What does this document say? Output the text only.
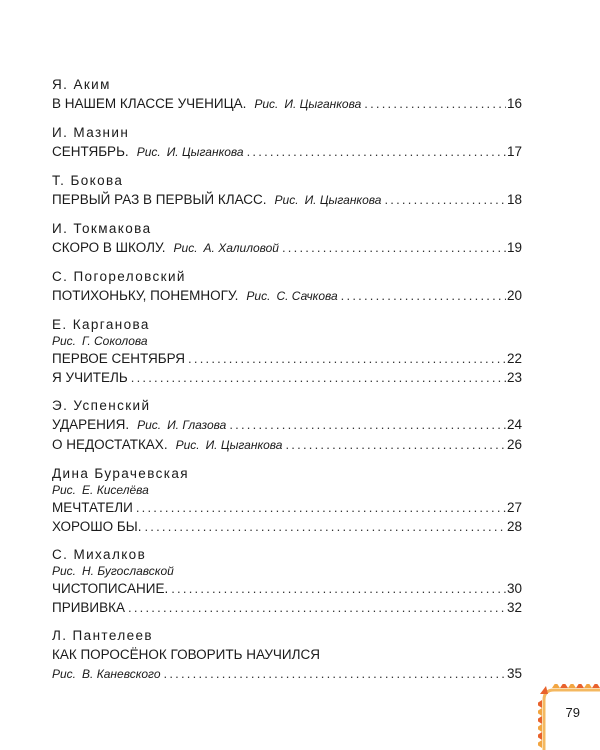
Я. Аким
В НАШЕМ КЛАССЕ УЧЕНИЦА. Рис. И. Цыганкова . . .	16
И. Мазнин
СЕНТЯБРЬ. Рис. И. Цыганкова . . .	17
Т. Бокова
ПЕРВЫЙ РАЗ В ПЕРВЫЙ КЛАСС. Рис. И. Цыганкова . . .	18
И. Токмакова
СКОРО В ШКОЛУ. Рис. А. Халиловой . . .	19
С. Погореловский
ПОТИХОНЬКУ, ПОНЕМНОГУ. Рис. С. Сачкова . . .	20
Е. Карганова
Рис. Г. Соколова
ПЕРВОЕ СЕНТЯБРЯ . . .	22
Я УЧИТЕЛЬ . . .	23
Э. Успенский
УДАРЕНИЯ. Рис. И. Глазова . . .	24
О НЕДОСТАТКАХ. Рис. И. Цыганкова . . .	26
Дина Бурачевская
Рис. Е. Киселёва
МЕЧТАТЕЛИ . . .	27
ХОРОШО БЫ. . . .	28
С. Михалков
Рис. Н. Бугославской
ЧИСТОПИСАНИЕ. . . .	30
ПРИВИВКА . . .	32
Л. Пантелеев
КАК ПОРОСЁНОК ГОВОРИТЬ НАУЧИЛСЯ
Рис. В. Каневского . . .	35
79
